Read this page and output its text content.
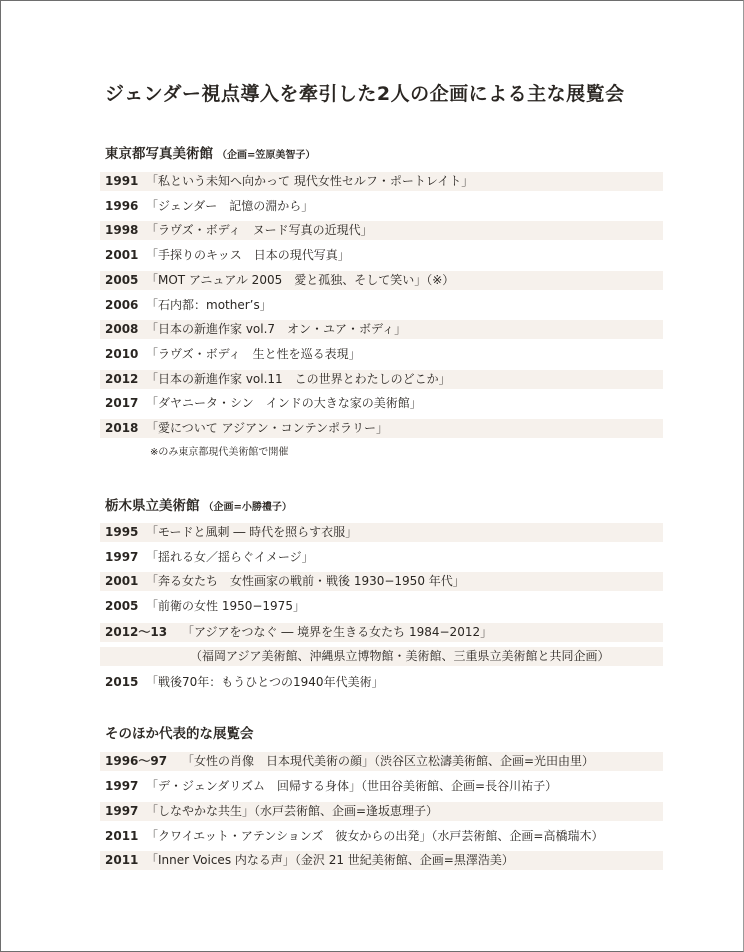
ジェンダー視点導入を牽引した2人の企画による主な展覧会
東京都写真美術館 （企画=笠原美智子）
1991 「私という未知へ向かって 現代女性セルフ・ポートレイト」
1996 「ジェンダー　記憶の淵から」
1998 「ラヴズ・ボディ　ヌード写真の近現代」
2001 「手探りのキッス　日本の現代写真」
2005 「MOT アニュアル 2005　愛と孤独、そして笑い」（※）
2006 「石内都：mother’s」
2008 「日本の新進作家 vol.7　オン・ユア・ボディ」
2010 「ラヴズ・ボディ　生と性を巡る表現」
2012 「日本の新進作家 vol.11　この世界とわたしのどこか」
2017 「ダヤニータ・シン　インドの大きな家の美術館」
2018 「愛について アジアン・コンテンポラリー」
※のみ東京都現代美術館で開催
栃木県立美術館 （企画=小勝禮子）
1995 「モードと風刺 ― 時代を照らす衣服」
1997 「揺れる女／揺らぐイメージ」
2001 「奔る女たち　女性画家の戦前・戦後 1930−1950 年代」
2005 「前衛の女性 1950−1975」
2012〜13 「アジアをつなぐ ― 境界を生きる女たち 1984−2012」
（福岡アジア美術館、沖縄県立博物館・美術館、三重県立美術館と共同企画）
2015 「戦後70年：もうひとつの1940年代美術」
そのほか代表的な展覧会
1996〜97 「女性の肖像　日本現代美術の顔」（渋谷区立松濤美術館、企画=光田由里）
1997 「デ・ジェンダリズム　回帰する身体」（世田谷美術館、企画=長谷川祐子）
1997 「しなやかな共生」（水戸芸術館、企画=逢坂恵理子）
2011 「クワイエット・アテンションズ　彼女からの出発」（水戸芸術館、企画=高橋瑞木）
2011 「Inner Voices 内なる声」（金沢 21 世紀美術館、企画=黒澤浩美）
